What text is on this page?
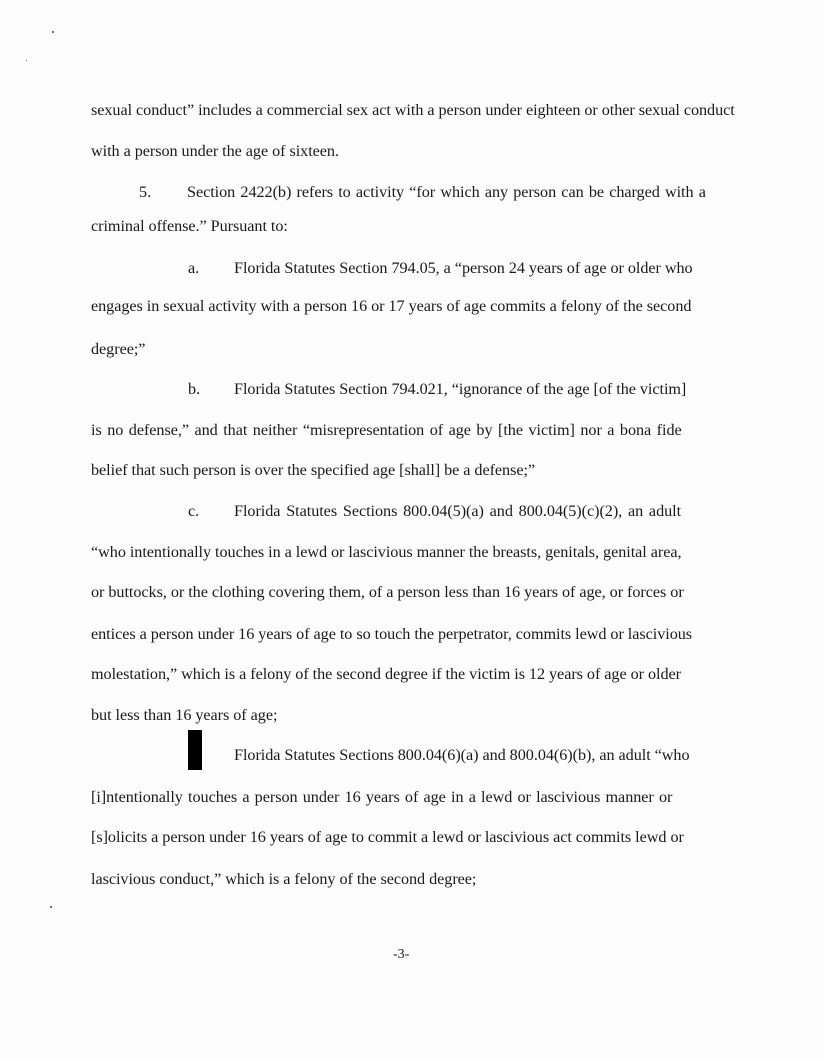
sexual conduct” includes a commercial sex act with a person under eighteen or other sexual conduct
with a person under the age of sixteen.
5. Section 2422(b) refers to activity “for which any person can be charged with a
criminal offense.” Pursuant to:
a. Florida Statutes Section 794.05, a “person 24 years of age or older who
engages in sexual activity with a person 16 or 17 years of age commits a felony of the second
degree;”
b. Florida Statutes Section 794.021, “ignorance of the age [of the victim]
is no defense,” and that neither “misrepresentation of age by [the victim] nor a bona fide
belief that such person is over the specified age [shall] be a defense;”
c. Florida Statutes Sections 800.04(5)(a) and 800.04(5)(c)(2), an adult
“who intentionally touches in a lewd or lascivious manner the breasts, genitals, genital area,
or buttocks, or the clothing covering them, of a person less than 16 years of age, or forces or
entices a person under 16 years of age to so touch the perpetrator, commits lewd or lascivious
molestation,” which is a felony of the second degree if the victim is 12 years of age or older
but less than 16 years of age;
Florida Statutes Sections 800.04(6)(a) and 800.04(6)(b), an adult “who
[i]ntentionally touches a person under 16 years of age in a lewd or lascivious manner or
[s]olicits a person under 16 years of age to commit a lewd or lascivious act commits lewd or
lascivious conduct,” which is a felony of the second degree;
-3-
